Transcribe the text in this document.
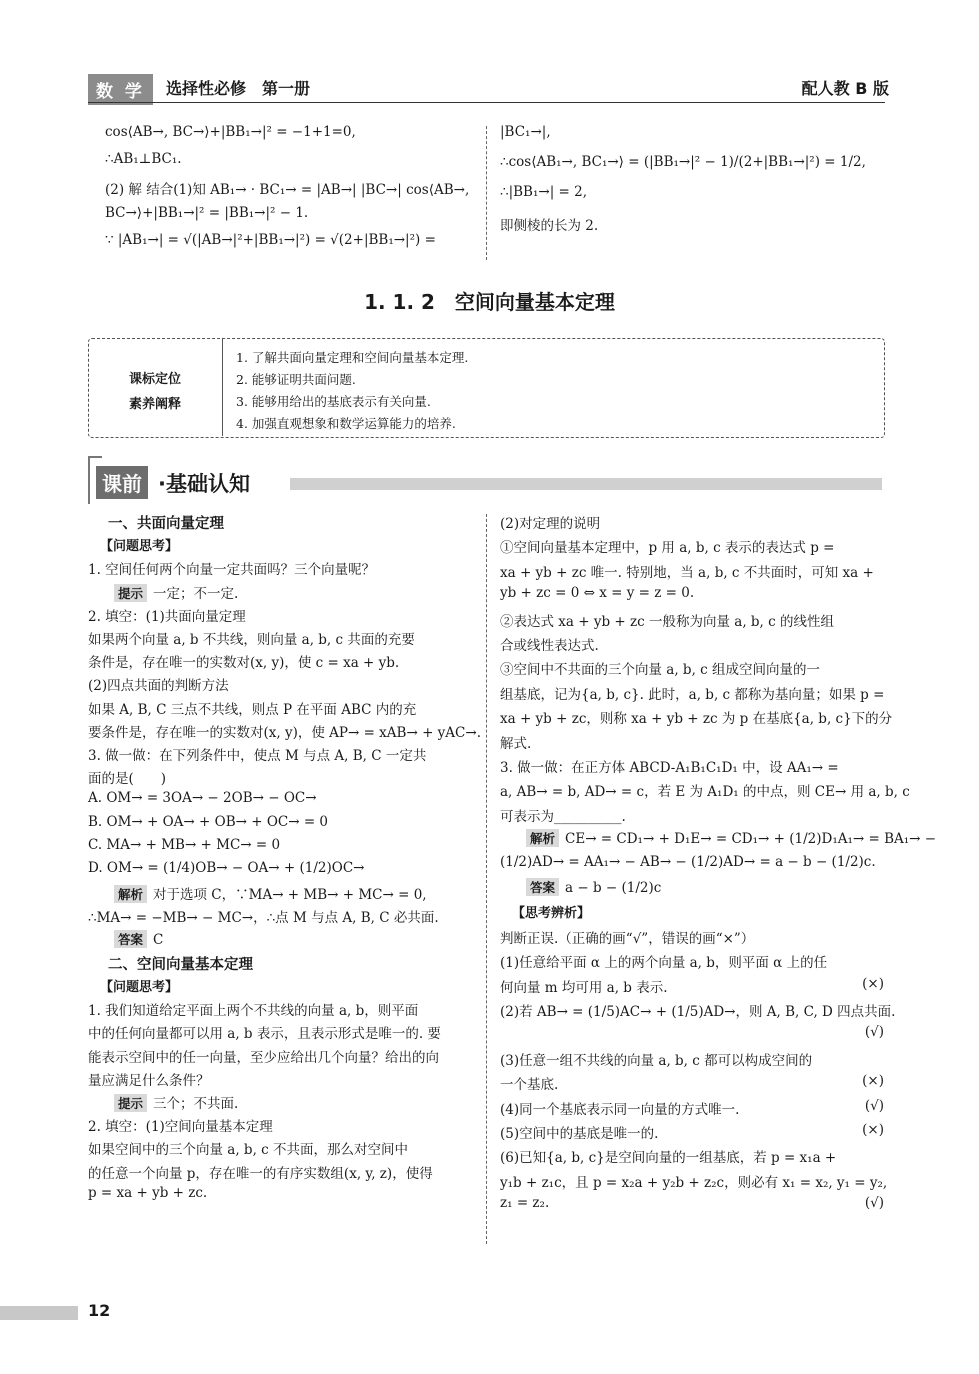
数 学	选择性必修　第一册	配人教 B 版
cos⟨AB→, BC→⟩+|BB₁→|² = −1+1=0,
∴AB₁⊥BC₁.
(2) 解 结合(1)知 AB₁→ · BC₁→ = |AB→| |BC→| cos⟨AB→,
BC→⟩+|BB₁→|² = |BB₁→|² − 1.
∵ |AB₁→| = √(|AB→|²+|BB₁→|²) = √(2+|BB₁→|²) =
|BC₁→|,
∴cos⟨AB₁→, BC₁→⟩ = (|BB₁→|² − 1)/(2+|BB₁→|²) = 1/2,
∴|BB₁→| = 2,
即侧棱的长为 2.
1. 1. 2　空间向量基本定理
课标定位
素养阐释
1. 了解共面向量定理和空间向量基本定理.
2. 能够证明共面问题.
3. 能够用给出的基底表示有关向量.
4. 加强直观想象和数学运算能力的培养.
课前 ·基础认知
一、共面向量定理
【问题思考】
1. 空间任何两个向量一定共面吗？三个向量呢？
提示 一定；不一定.
2. 填空：(1)共面向量定理
如果两个向量 a, b 不共线，则向量 a, b, c 共面的充要
条件是，存在唯一的实数对(x, y)，使 c = xa + yb.
(2)四点共面的判断方法
如果 A, B, C 三点不共线，则点 P 在平面 ABC 内的充
要条件是，存在唯一的实数对(x, y)，使 AP→ = xAB→ + yAC→.
3. 做一做：在下列条件中，使点 M 与点 A, B, C 一定共
面的是(　　)
A. OM→ = 3OA→ − 2OB→ − OC→
B. OM→ + OA→ + OB→ + OC→ = 0
C. MA→ + MB→ + MC→ = 0
D. OM→ = (1/4)OB→ − OA→ + (1/2)OC→
解析 对于选项 C，∵MA→ + MB→ + MC→ = 0,
∴MA→ = −MB→ − MC→，∴点 M 与点 A, B, C 必共面.
答案 C
二、空间向量基本定理
【问题思考】
1. 我们知道给定平面上两个不共线的向量 a, b，则平面
中的任何向量都可以用 a, b 表示，且表示形式是唯一的. 要
能表示空间中的任一向量，至少应给出几个向量？给出的向
量应满足什么条件？
提示 三个；不共面.
2. 填空：(1)空间向量基本定理
如果空间中的三个向量 a, b, c 不共面，那么对空间中
的任意一个向量 p，存在唯一的有序实数组(x, y, z)，使得
p = xa + yb + zc.
(2)对定理的说明
①空间向量基本定理中，p 用 a, b, c 表示的表达式 p =
xa + yb + zc 唯一. 特别地，当 a, b, c 不共面时，可知 xa +
yb + zc = 0 ⇔ x = y = z = 0.
②表达式 xa + yb + zc 一般称为向量 a, b, c 的线性组
合或线性表达式.
③空间中不共面的三个向量 a, b, c 组成空间向量的一
组基底，记为{a, b, c}. 此时，a, b, c 都称为基向量；如果 p =
xa + yb + zc，则称 xa + yb + zc 为 p 在基底{a, b, c}下的分
解式.
3. 做一做：在正方体 ABCD-A₁B₁C₁D₁ 中，设 AA₁→ =
a, AB→ = b, AD→ = c，若 E 为 A₁D₁ 的中点，则 CE→ 用 a, b, c
可表示为__________.
解析 CE→ = CD₁→ + D₁E→ = CD₁→ + (1/2)D₁A₁→ = BA₁→ −
(1/2)AD→ = AA₁→ − AB→ − (1/2)AD→ = a − b − (1/2)c.
答案 a − b − (1/2)c
【思考辨析】
判断正误.（正确的画“√”，错误的画“×”）
(1)任意给平面 α 上的两个向量 a, b，则平面 α 上的任
何向量 m 均可用 a, b 表示.	(×)
(2)若 AB→ = (1/5)AC→ + (1/5)AD→，则 A, B, C, D 四点共面.
(√)
(3)任意一组不共线的向量 a, b, c 都可以构成空间的
一个基底.	(×)
(4)同一个基底表示同一向量的方式唯一.	(√)
(5)空间中的基底是唯一的.	(×)
(6)已知{a, b, c}是空间向量的一组基底，若 p = x₁a +
y₁b + z₁c，且 p = x₂a + y₂b + z₂c，则必有 x₁ = x₂, y₁ = y₂,
z₁ = z₂.	(√)
12
